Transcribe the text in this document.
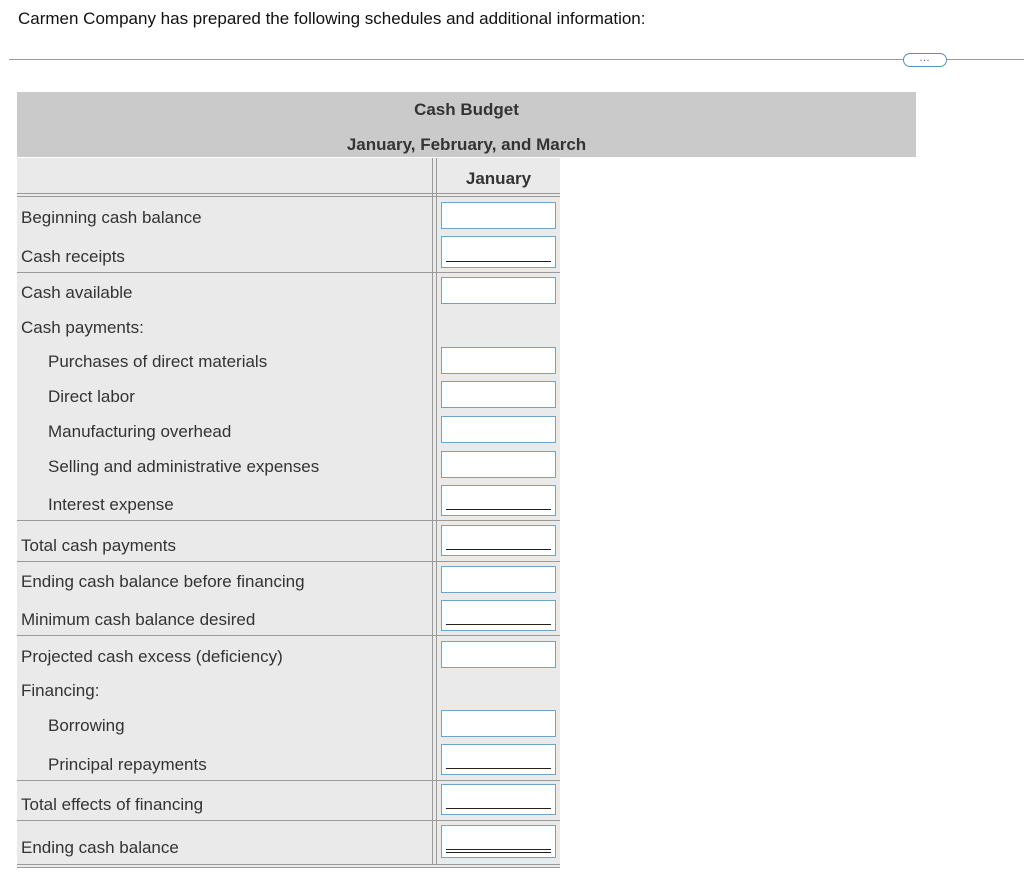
Carmen Company has prepared the following schedules and additional information:
…
Cash Budget
January, February, and March
January
Beginning cash balance
Cash receipts
Cash available
Cash payments:
Purchases of direct materials
Direct labor
Manufacturing overhead
Selling and administrative expenses
Interest expense
Total cash payments
Ending cash balance before financing
Minimum cash balance desired
Projected cash excess (deficiency)
Financing:
Borrowing
Principal repayments
Total effects of financing
Ending cash balance
